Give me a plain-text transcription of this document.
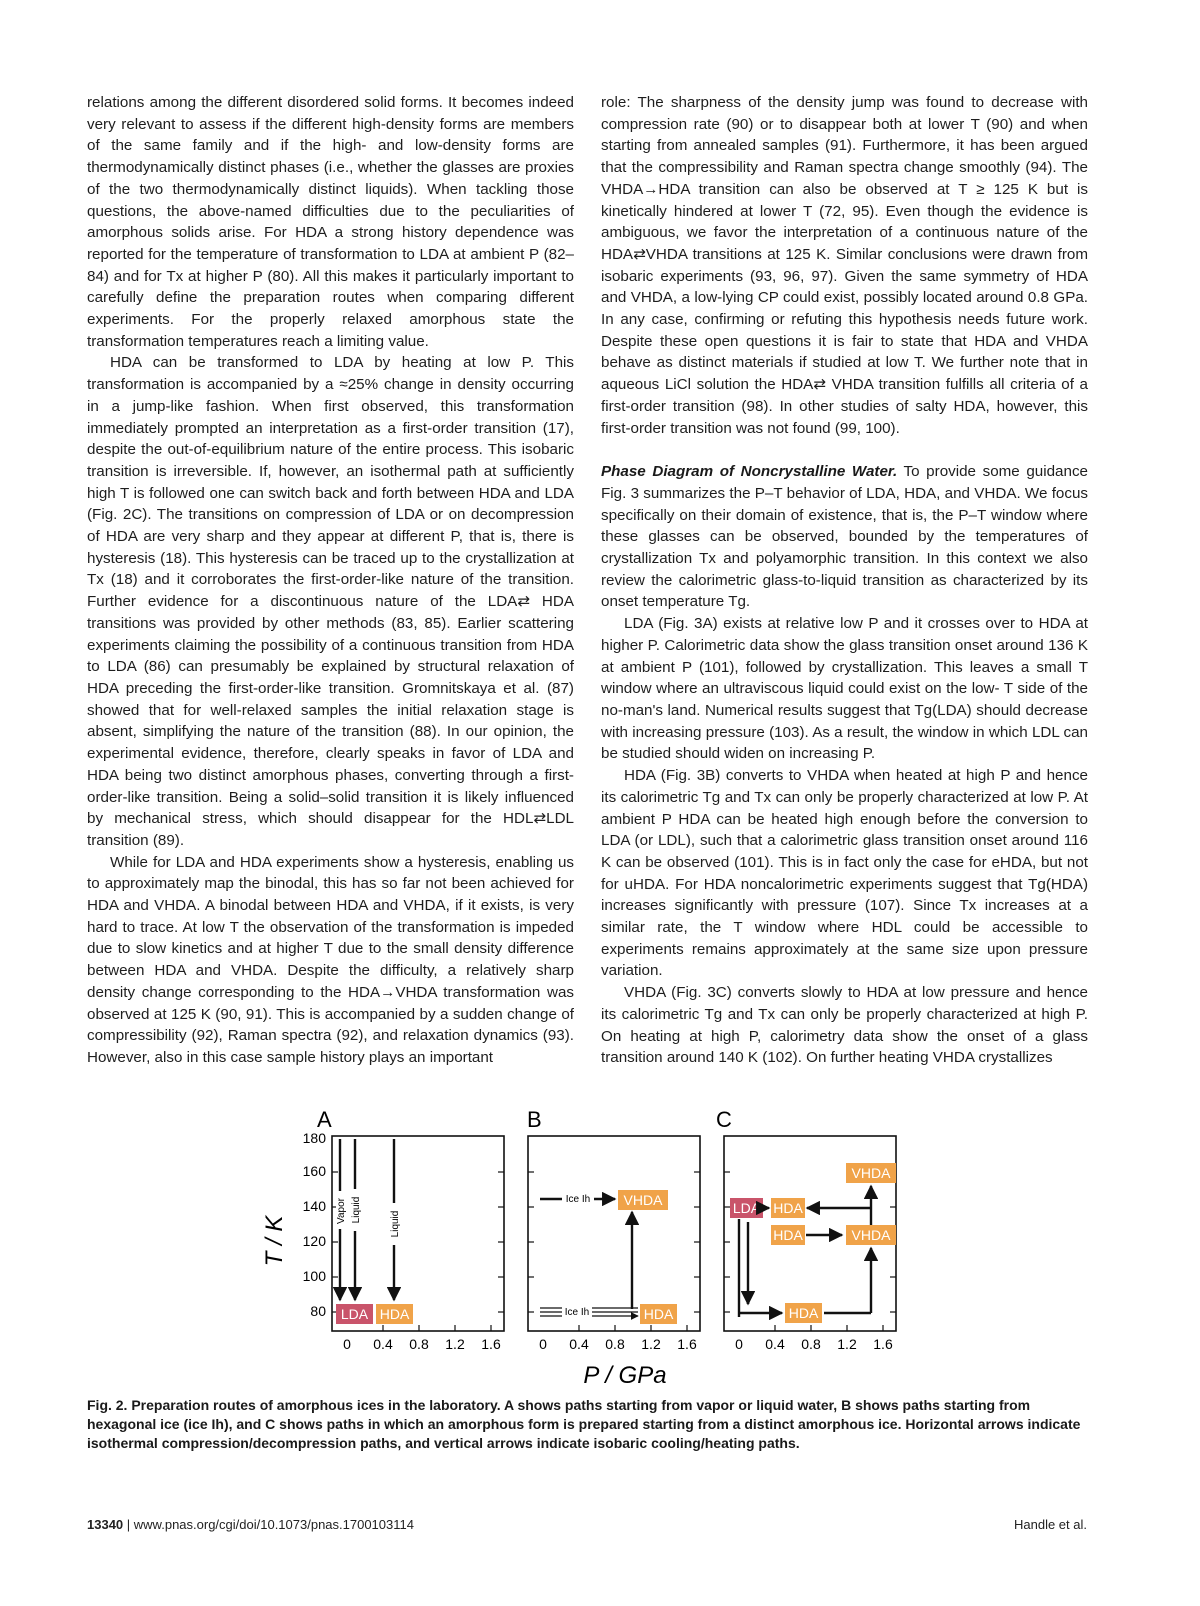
relations among the different disordered solid forms. It becomes indeed very relevant to assess if the different high-density forms are members of the same family and if the high- and low-density forms are thermodynamically distinct phases (i.e., whether the glasses are proxies of the two thermodynamically distinct liquids). When tackling those questions, the above-named difficulties due to the peculiarities of amorphous solids arise. For HDA a strong history dependence was reported for the temperature of transformation to LDA at ambient P (82–84) and for Tx at higher P (80). All this makes it particularly important to carefully define the preparation routes when comparing different experiments. For the properly relaxed amorphous state the transformation temperatures reach a limiting value.

HDA can be transformed to LDA by heating at low P. This transformation is accompanied by a ≈25% change in density occurring in a jump-like fashion. When first observed, this transformation immediately prompted an interpretation as a first-order transition (17), despite the out-of-equilibrium nature of the entire process. This isobaric transition is irreversible. If, however, an isothermal path at sufficiently high T is followed one can switch back and forth between HDA and LDA (Fig. 2C). The transitions on compression of LDA or on decompression of HDA are very sharp and they appear at different P, that is, there is hysteresis (18). This hysteresis can be traced up to the crystallization at Tx (18) and it corroborates the first-order-like nature of the transition. Further evidence for a discontinuous nature of the LDA⇄ HDA transitions was provided by other methods (83, 85). Earlier scattering experiments claiming the possibility of a continuous transition from HDA to LDA (86) can presumably be explained by structural relaxation of HDA preceding the first-order-like transition. Gromnitskaya et al. (87) showed that for well-relaxed samples the initial relaxation stage is absent, simplifying the nature of the transition (88). In our opinion, the experimental evidence, therefore, clearly speaks in favor of LDA and HDA being two distinct amorphous phases, converting through a first-order-like transition. Being a solid–solid transition it is likely influenced by mechanical stress, which should disappear for the HDL⇄LDL transition (89).

While for LDA and HDA experiments show a hysteresis, enabling us to approximately map the binodal, this has so far not been achieved for HDA and VHDA. A binodal between HDA and VHDA, if it exists, is very hard to trace. At low T the observation of the transformation is impeded due to slow kinetics and at higher T due to the small density difference between HDA and VHDA. Despite the difficulty, a relatively sharp density change corresponding to the HDA→VHDA transformation was observed at 125 K (90, 91). This is accompanied by a sudden change of compressibility (92), Raman spectra (92), and relaxation dynamics (93). However, also in this case sample history plays an important

role: The sharpness of the density jump was found to decrease with compression rate (90) or to disappear both at lower T (90) and when starting from annealed samples (91). Furthermore, it has been argued that the compressibility and Raman spectra change smoothly (94). The VHDA→HDA transition can also be observed at T ≥ 125 K but is kinetically hindered at lower T (72, 95). Even though the evidence is ambiguous, we favor the interpretation of a continuous nature of the HDA⇄VHDA transitions at 125 K. Similar conclusions were drawn from isobaric experiments (93, 96, 97). Given the same symmetry of HDA and VHDA, a low-lying CP could exist, possibly located around 0.8 GPa. In any case, confirming or refuting this hypothesis needs future work. Despite these open questions it is fair to state that HDA and VHDA behave as distinct materials if studied at low T. We further note that in aqueous LiCl solution the HDA⇄ VHDA transition fulfills all criteria of a first-order transition (98). In other studies of salty HDA, however, this first-order transition was not found (99, 100).

Phase Diagram of Noncrystalline Water. To provide some guidance Fig. 3 summarizes the P–T behavior of LDA, HDA, and VHDA. We focus specifically on their domain of existence, that is, the P–T window where these glasses can be observed, bounded by the temperatures of crystallization Tx and polyamorphic transition. In this context we also review the calorimetric glass-to-liquid transition as characterized by its onset temperature Tg.

LDA (Fig. 3A) exists at relative low P and it crosses over to HDA at higher P. Calorimetric data show the glass transition onset around 136 K at ambient P (101), followed by crystallization. This leaves a small T window where an ultraviscous liquid could exist on the low- T side of the no-man's land. Numerical results suggest that Tg(LDA) should decrease with increasing pressure (103). As a result, the window in which LDL can be studied should widen on increasing P.

HDA (Fig. 3B) converts to VHDA when heated at high P and hence its calorimetric Tg and Tx can only be properly characterized at low P. At ambient P HDA can be heated high enough before the conversion to LDA (or LDL), such that a calorimetric glass transition onset around 116 K can be observed (101). This is in fact only the case for eHDA, but not for uHDA. For HDA noncalorimetric experiments suggest that Tg(HDA) increases significantly with pressure (107). Since Tx increases at a similar rate, the T window where HDL could be accessible to experiments remains approximately at the same size upon pressure variation.

VHDA (Fig. 3C) converts slowly to HDA at low pressure and hence its calorimetric Tg and Tx can only be properly characterized at high P. On heating at high P, calorimetry data show the onset of a glass transition around 140 K (102). On further heating VHDA crystallizes

T / K
P / GPa
180
160
140
120
100
80
A
Vapor Liquid
Liquid
LDA HDA
0 0.4 0.8 1.2 1.6
B
Ice Ih VHDA
Ice Ih	HDA
0 0.4 0.8 1.2 1.6
C
LDA HDA
VHDA
HDA	VHDA
HDA
0 0.4 0.8 1.2 1.6
Fig. 2. Preparation routes of amorphous ices in the laboratory. A shows paths starting from vapor or liquid water, B shows paths starting from hexagonal ice (ice Ih), and C shows paths in which an amorphous form is prepared starting from a distinct amorphous ice. Horizontal arrows indicate isothermal compression/decompression paths, and vertical arrows indicate isobaric cooling/heating paths.
13340 | www.pnas.org/cgi/doi/10.1073/pnas.1700103114	Handle et al.
